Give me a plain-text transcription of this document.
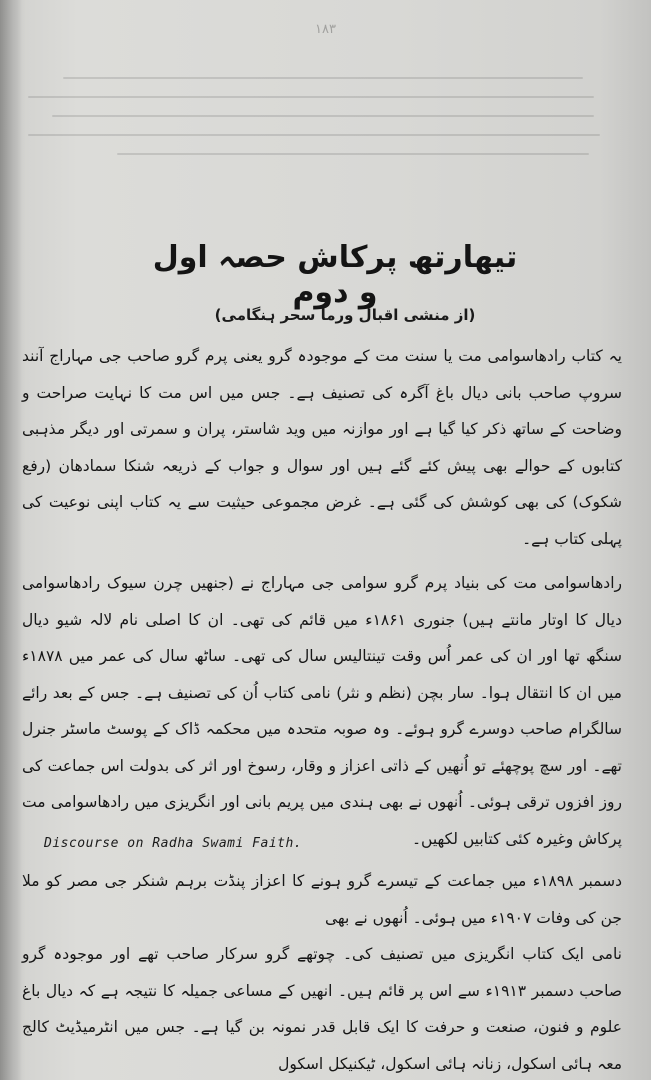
۱۸۳
تیھارتھ پرکاش حصہ اول و دوم
(از منشی اقبال ورما سحر ہنگامی)

یہ کتاب رادھاسوامی مت یا سنت مت کے موجودہ گرو یعنی پرم گرو صاحب جی مہاراج آنند سروپ صاحب بانی دیال باغ آگرہ کی تصنیف ہے۔ جس میں اس مت کا نہایت صراحت و وضاحت کے ساتھ ذکر کیا گیا ہے اور موازنہ میں وید شاستر، پران و سمرتی اور دیگر مذہبی کتابوں کے حوالے بھی پیش کئے گئے ہیں اور سوال و جواب کے ذریعہ شنکا سمادھان (رفع شکوک) کی بھی کوشش کی گئی ہے۔ غرض مجموعی حیثیت سے یہ کتاب اپنی نوعیت کی پہلی کتاب ہے۔

رادھاسوامی مت کی بنیاد پرم گرو سوامی جی مہاراج نے (جنھیں چرن سیوک رادھاسوامی دیال کا اوتار مانتے ہیں) جنوری ۱۸۶۱ء میں قائم کی تھی۔ ان کا اصلی نام لالہ شیو دیال سنگھ تھا اور ان کی عمر اُس وقت تینتالیس سال کی تھی۔ ساٹھ سال کی عمر میں ۱۸۷۸ء میں ان کا انتقال ہوا۔ سار بچن (نظم و نثر) نامی کتاب اُن کی تصنیف ہے۔ جس کے بعد رائے سالگرام صاحب دوسرے گرو ہوئے۔ وہ صوبہ متحدہ میں محکمہ ڈاک کے پوسٹ ماسٹر جنرل تھے۔ اور سچ پوچھئے تو اُنھیں کے ذاتی اعزاز و وقار، رسوخ اور اثر کی بدولت اس جماعت کی روز افزوں ترقی ہوئی۔ اُنھوں نے بھی ہندی میں پریم بانی اور انگریزی میں رادھاسوامی مت پرکاش وغیرہ کئی کتابیں لکھیں۔

دسمبر ۱۸۹۸ء میں جماعت کے تیسرے گرو ہونے کا اعزاز پنڈت برہم شنکر جی مصر کو ملا جن کی وفات ۱۹۰۷ء میں ہوئی۔ اُنھوں نے بھی

نامی ایک کتاب انگریزی میں تصنیف کی۔ چوتھے گرو سرکار صاحب تھے اور موجودہ گرو صاحب دسمبر ۱۹۱۳ء سے اس پر قائم ہیں۔ انھیں کے مساعی جمیلہ کا نتیجہ ہے کہ دیال باغ علوم و فنون، صنعت و حرفت کا ایک قابل قدر نمونہ بن گیا ہے۔ جس میں انٹرمیڈیٹ کالج معہ ہائی اسکول، زنانہ ہائی اسکول، ٹیکنیکل اسکول

Discourse on Radha Swami Faith.
